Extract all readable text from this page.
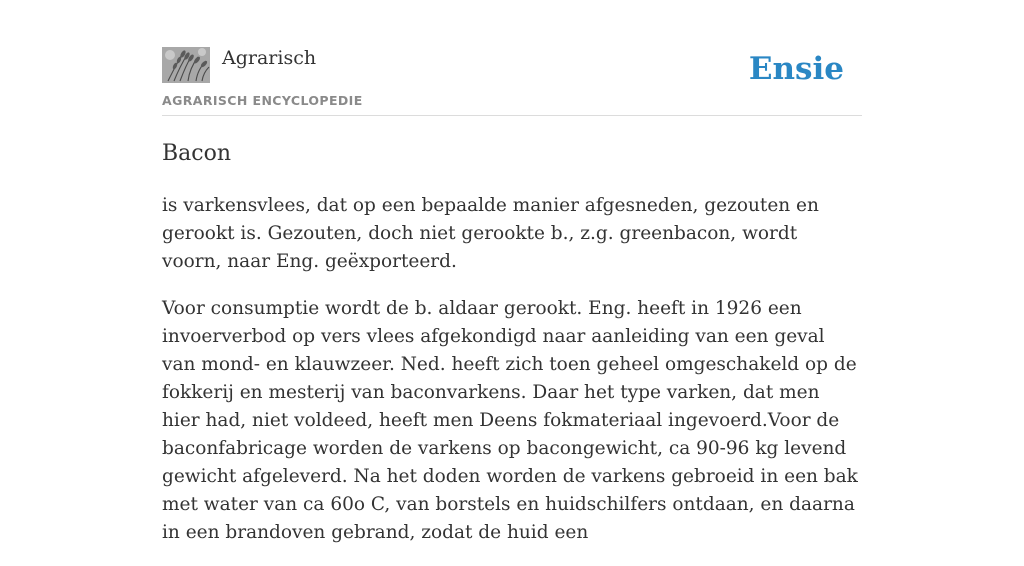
Agrarisch
AGRARISCH ENCYCLOPEDIE
Ensie
Bacon

is varkensvlees, dat op een bepaalde manier afgesneden, gezouten en gerookt is. Gezouten, doch niet gerookte b., z.g. greenbacon, wordt voorn, naar Eng. geëxporteerd.

Voor consumptie wordt de b. aldaar gerookt. Eng. heeft in 1926 een invoerverbod op vers vlees afgekondigd naar aanleiding van een geval van mond- en klauwzeer. Ned. heeft zich toen geheel omgeschakeld op de fokkerij en mesterij van baconvarkens. Daar het type varken, dat men hier had, niet voldeed, heeft men Deens fokmateriaal ingevoerd.Voor de baconfabricage worden de varkens op bacongewicht, ca 90-96 kg levend gewicht afgeleverd. Na het doden worden de varkens gebroeid in een bak met water van ca 60o C, van borstels en huidschilfers ontdaan, en daarna in een brandoven gebrand, zodat de huid een
